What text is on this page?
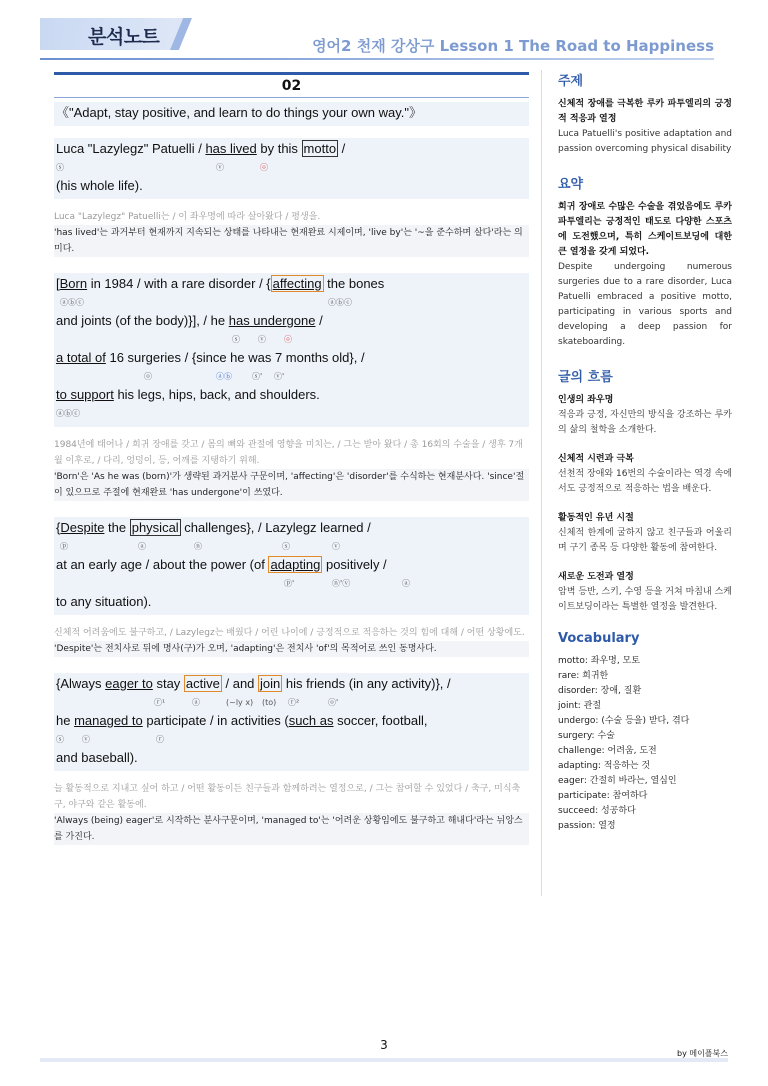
분석노트	영어2 천재 강상구 Lesson 1 The Road to Happiness
02
《"Adapt, stay positive, and learn to do things your own way."》
Luca "Lazylegz" Patuelli / has lived by this motto /
ⓢ	ⓥ	ⓞ
(his whole life).
Luca "Lazylegz" Patuelli는 / 이 좌우명에 따라 살아왔다 / 평생을.
'has lived'는 과거부터 현재까지 지속되는 상태를 나타내는 현재완료 시제이며, 'live by'는 '~을 준수하며 살다'라는 의미다.
[Born in 1984 / with a rare disorder / { affecting the bones
ⓐⓑⓒ	ⓐⓑⓒ
and joints (of the body)}], / he has undergone /
ⓢ ⓥ ⓞ
a total of 16 surgeries / {since he was 7 months old}, /
ⓞ	ⓐⓑ	ⓢ' ⓥ'
to support his legs, hips, back, and shoulders.
ⓐⓑⓒ
1984년에 태어나 / 희귀 장애를 갖고 / 몸의 뼈와 관절에 영향을 미치는, / 그는 받아 왔다 / 총 16회의 수술을 / 생후 7개월 이후로, / 다리, 엉덩이, 등, 어깨를 지탱하기 위해.
'Born'은 'As he was (born)'가 생략된 과거분사 구문이며, 'affecting'은 'disorder'를 수식하는 현재분사다. 'since'절이 있으므로 주절에 현재완료 'has undergone'이 쓰였다.
{Despite the physical challenges}, / Lazylegz learned /
ⓟ	ⓐ	ⓝ	ⓢ	ⓥ
at an early age / about the power (of adapting positively /
ⓟ'	ⓝ'ⓥ	ⓐ
to any situation).
신체적 어려움에도 불구하고, / Lazylegz는 배웠다 / 어린 나이에 / 긍정적으로 적응하는 것의 힘에 대해 / 어떤 상황에도.
'Despite'는 전치사로 뒤에 명사(구)가 오며, 'adapting'은 전치사 'of'의 목적어로 쓰인 동명사다.
{Always eager to stay active / and join his friends (in any activity)}, /
ⓡ¹	ⓐ	(~ly x) (to) ⓡ²	ⓞ'
he managed to participate / in activities (such as soccer, football,
ⓢ ⓥ	ⓡ
and baseball).
늘 활동적으로 지내고 싶어 하고 / 어떤 활동이든 친구들과 함께하려는 열정으로, / 그는 참여할 수 있었다 / 축구, 미식축구, 야구와 같은 활동에.
'Always (being) eager'로 시작하는 분사구문이며, 'managed to'는 '어려운 상황임에도 불구하고 해내다'라는 뉘앙스를 가진다.
주제
신체적 장애를 극복한 루카 파투엘리의 긍정적 적응과 열정
Luca Patuelli's positive adaptation and passion overcoming physical disability
요약
희귀 장애로 수많은 수술을 겪었음에도 루카 파투엘리는 긍정적인 태도로 다양한 스포츠에 도전했으며, 특히 스케이트보딩에 대한 큰 열정을 갖게 되었다.
Despite undergoing numerous surgeries due to a rare disorder, Luca Patuelli embraced a positive motto, participating in various sports and developing a deep passion for skateboarding.
글의 흐름
인생의 좌우명
적응과 긍정, 자신만의 방식을 강조하는 루카의 삶의 철학을 소개한다.
신체적 시련과 극복
선천적 장애와 16번의 수술이라는 역경 속에서도 긍정적으로 적응하는 법을 배운다.
활동적인 유년 시절
신체적 한계에 굴하지 않고 친구들과 어울리며 구기 종목 등 다양한 활동에 참여한다.
새로운 도전과 열정
암벽 등반, 스키, 수영 등을 거쳐 마침내 스케이트보딩이라는 특별한 열정을 발견한다.
Vocabulary
motto: 좌우명, 모토
rare: 희귀한
disorder: 장애, 질환
joint: 관절
undergo: (수술 등을) 받다, 겪다
surgery: 수술
challenge: 어려움, 도전
adapting: 적응하는 것
eager: 간절히 바라는, 열심인
participate: 참여하다
succeed: 성공하다
passion: 열정
3
by 메이플북스
